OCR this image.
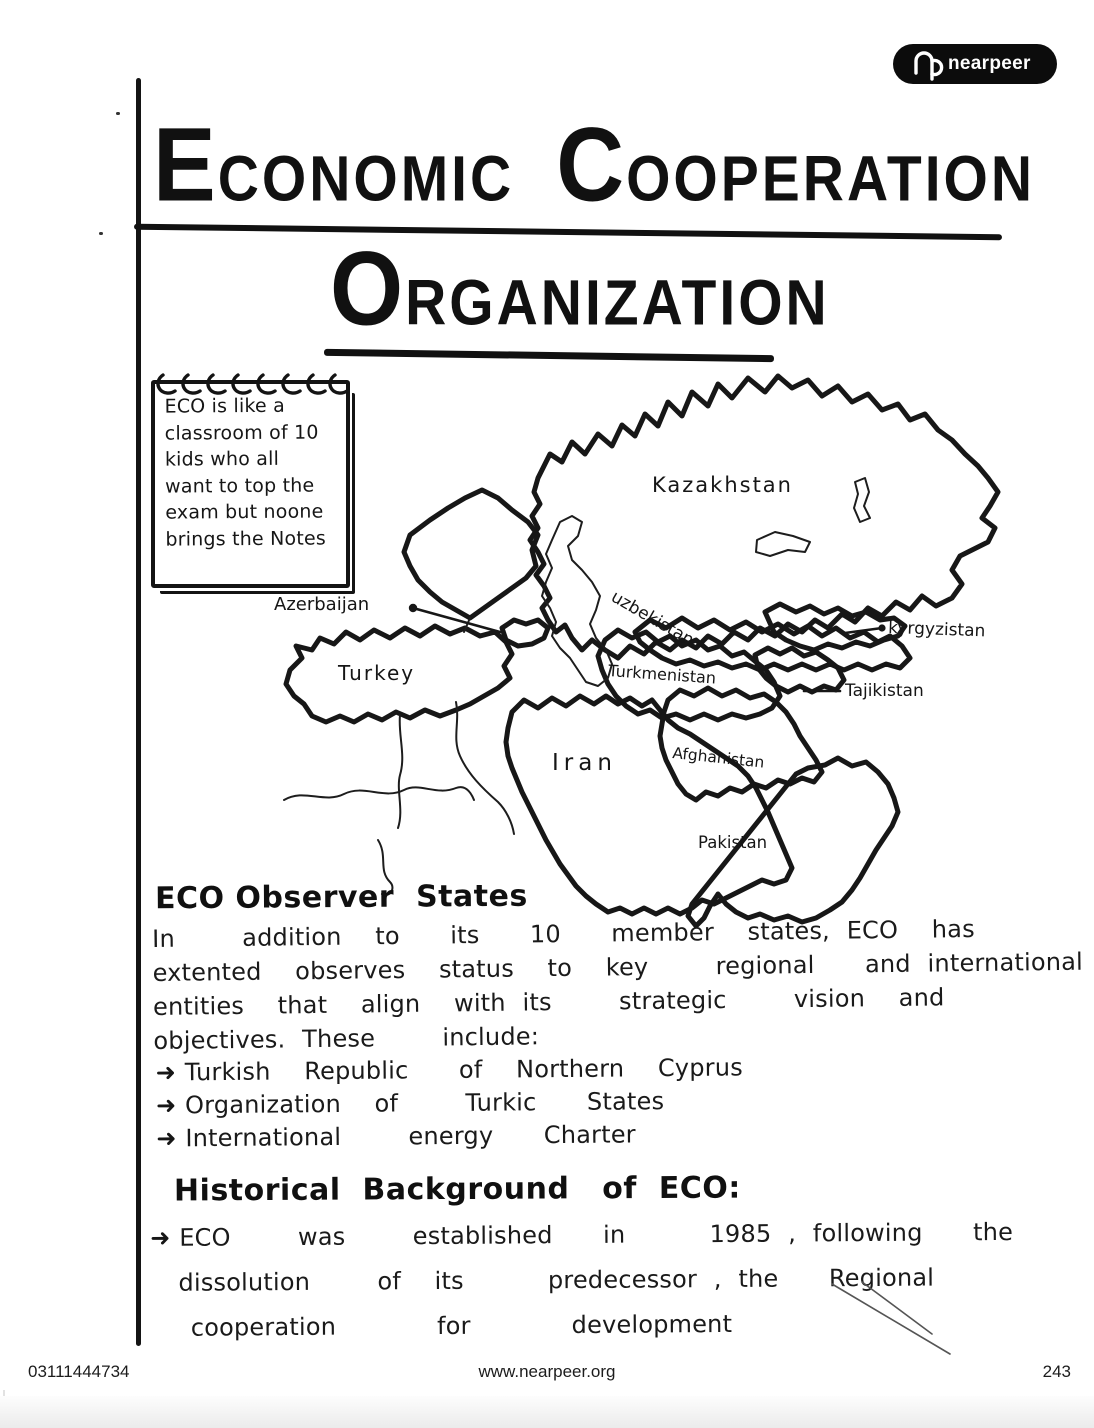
nearpeer
E CONOMIC C OOPERATION
O RGANIZATION
ECO is like a
classroom of 10
kids who all
want to top the
exam but noone
brings the Notes
Kazakhstan
Azerbaijan	uzbekistan	kyrgyzistan
Turkey	Turkmenistan
Tajikistan
Iran	Afghanistan
Pakistan
ECO Observer  States
In    addition  to   its   10   member  states, ECO  has
extented  observes  status  to  key    regional   and international
entities  that  align  with its    strategic    vision  and
objectives. These    include:
➜ Turkish  Republic   of  Northern  Cyprus
➜ Organization  of    Turkic   States
➜ International    energy   Charter
Historical  Background   of  ECO:
➜ ECO    was    established   in     1985 , following   the
dissolution    of  its     predecessor , the   Regional
cooperation      for      development
03111444734	www.nearpeer.org	243
